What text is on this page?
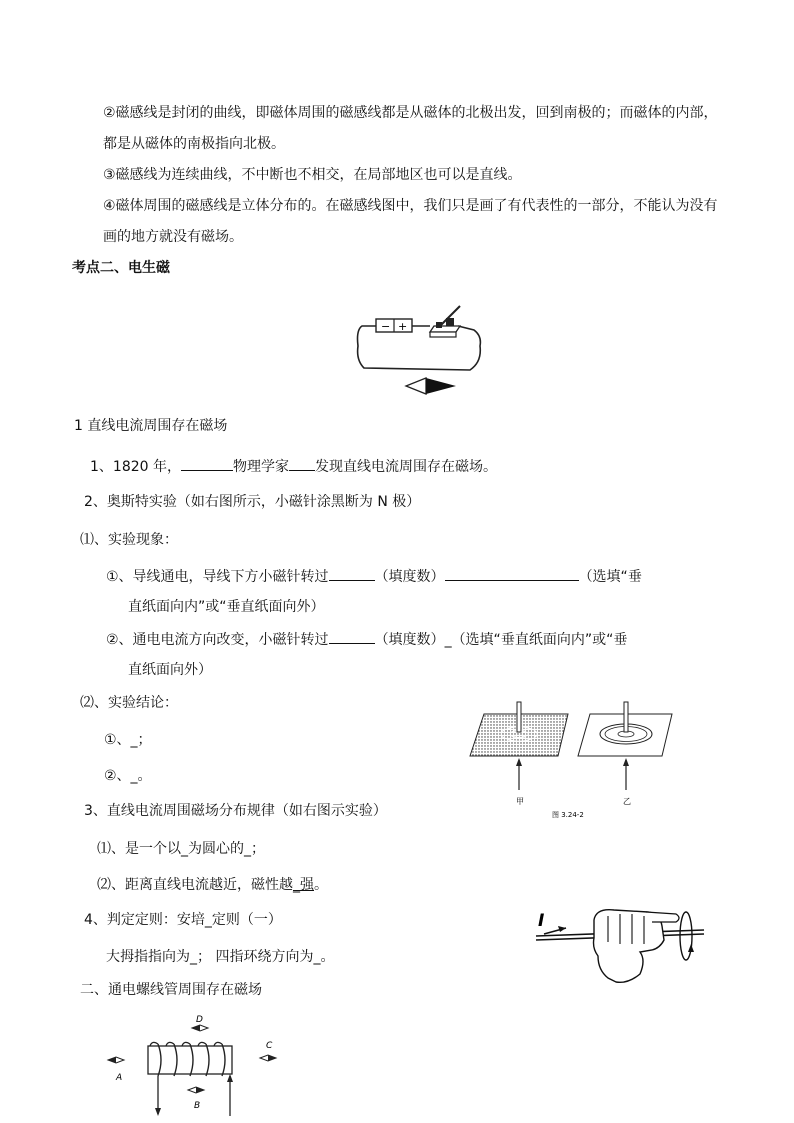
②磁感线是封闭的曲线，即磁体周围的磁感线都是从磁体的北极出发，回到南极的；而磁体的内部，
都是从磁体的南极指向北极。
③磁感线为连续曲线，不中断也不相交，在局部地区也可以是直线。
④磁体周围的磁感线是立体分布的。在磁感线图中，我们只是画了有代表性的一部分，不能认为没有
画的地方就没有磁场。
考点二、电生磁
− +
1 直线电流周围存在磁场
1、1820 年，	物理学家 发现直线电流周围存在磁场。
2、奥斯特实验（如右图所示，小磁针涂黑断为 N 极）
⑴、实验现象：
①、导线通电，导线下方小磁针转过	（填度数）	（选填“垂
直纸面向内”或“垂直纸面向外）
②、通电电流方向改变，小磁针转过	（填度数）_（选填“垂直纸面向内”或“垂
直纸面向外）
⑵、实验结论：
①、_；
②、_。
甲	乙
图 3.24-2
3、直线电流周围磁场分布规律（如右图示实验）
⑴、是一个以_为圆心的_；
⑵、距离直线电流越近，磁性越_强。
4、判定定则：安培_定则（一）
大拇指指向为_； 四指环绕方向为_。
I
二、通电螺线管周围存在磁场
D
C
A
B
